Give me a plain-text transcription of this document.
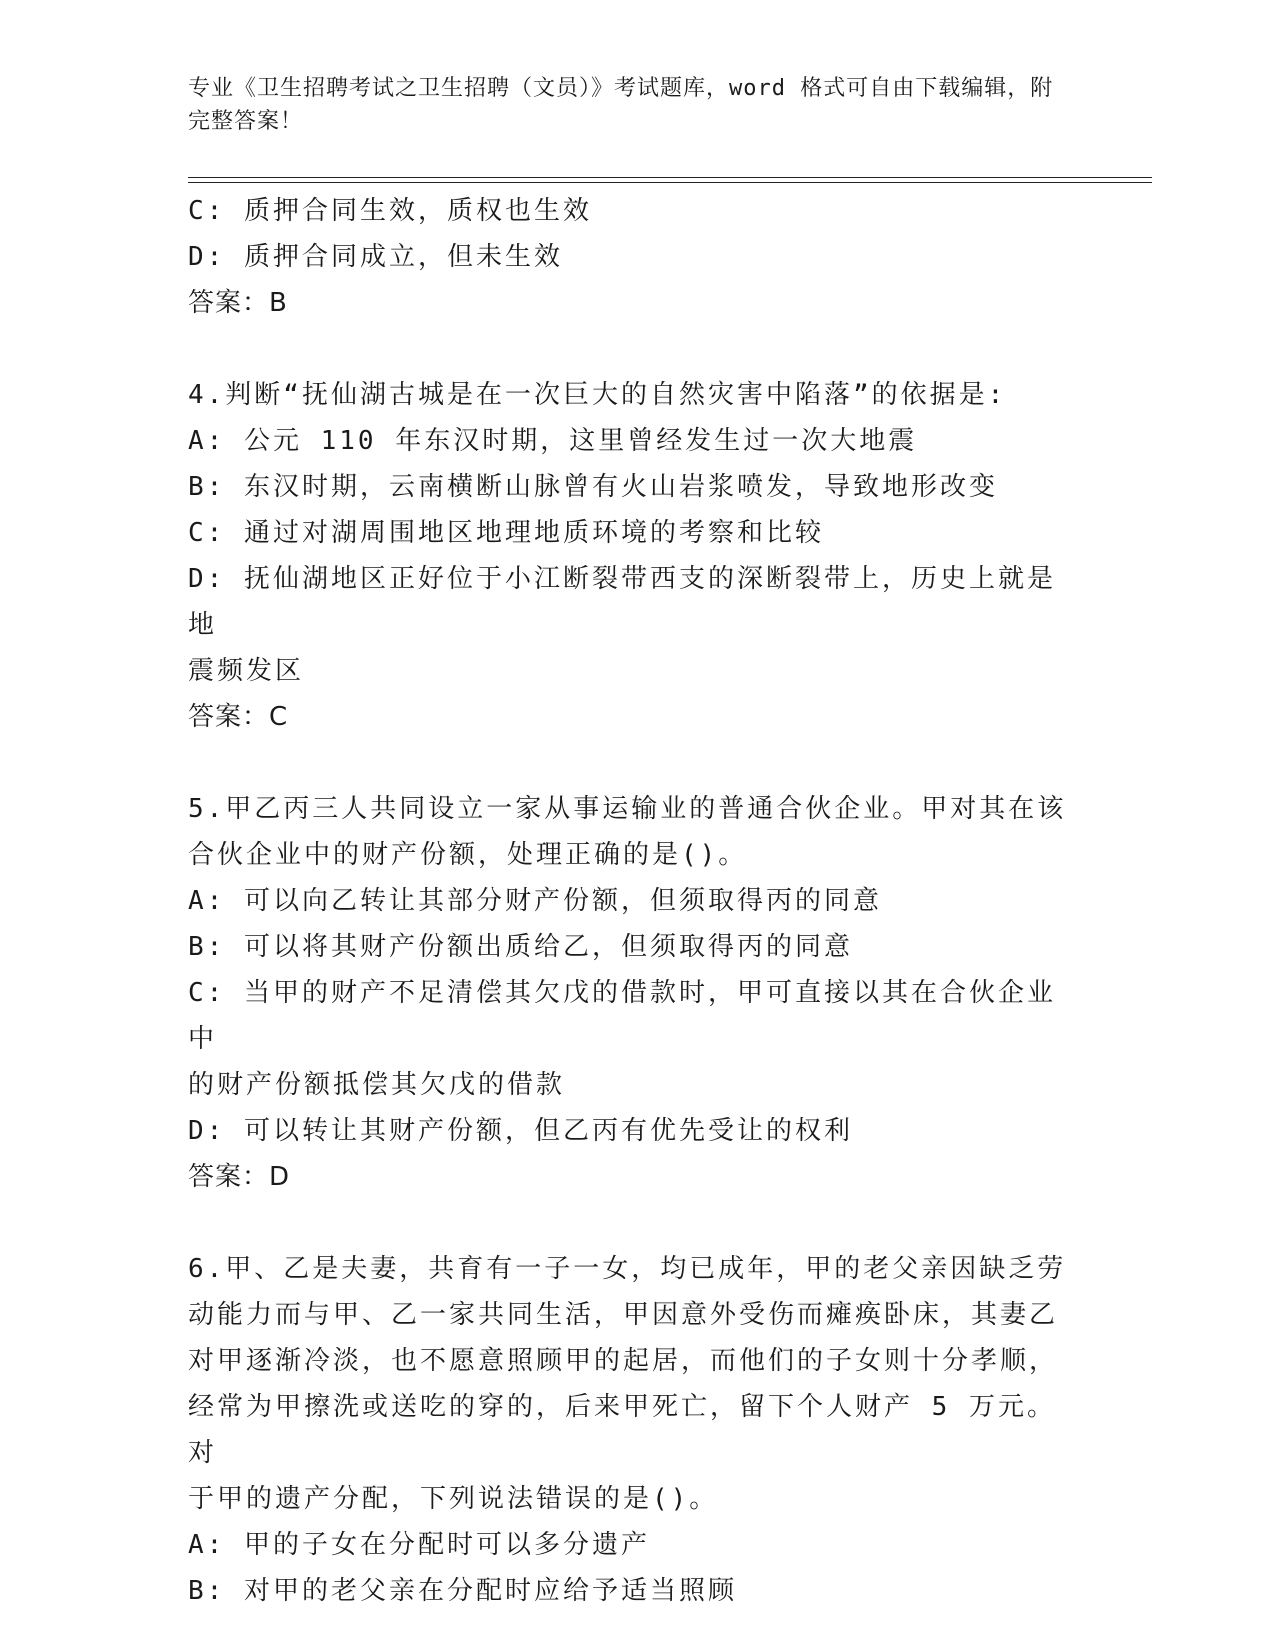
专业《卫生招聘考试之卫生招聘（文员）》考试题库，word 格式可自由下载编辑，附完整答案！
C: 质押合同生效，质权也生效
D: 质押合同成立，但未生效
答案：B
4.判断“抚仙湖古城是在一次巨大的自然灾害中陷落”的依据是:
A: 公元 110 年东汉时期，这里曾经发生过一次大地震
B: 东汉时期，云南横断山脉曾有火山岩浆喷发，导致地形改变
C: 通过对湖周围地区地理地质环境的考察和比较
D: 抚仙湖地区正好位于小江断裂带西支的深断裂带上，历史上就是地
震频发区
答案：C
5.甲乙丙三人共同设立一家从事运输业的普通合伙企业。甲对其在该
合伙企业中的财产份额，处理正确的是()。
A: 可以向乙转让其部分财产份额，但须取得丙的同意
B: 可以将其财产份额出质给乙，但须取得丙的同意
C: 当甲的财产不足清偿其欠戊的借款时，甲可直接以其在合伙企业中
的财产份额抵偿其欠戊的借款
D: 可以转让其财产份额，但乙丙有优先受让的权利
答案：D
6.甲、乙是夫妻，共育有一子一女，均已成年，甲的老父亲因缺乏劳
动能力而与甲、乙一家共同生活，甲因意外受伤而瘫痪卧床，其妻乙
对甲逐渐冷淡，也不愿意照顾甲的起居，而他们的子女则十分孝顺，
经常为甲擦洗或送吃的穿的，后来甲死亡，留下个人财产 5 万元。对
于甲的遗产分配，下列说法错误的是()。
A: 甲的子女在分配时可以多分遗产
B: 对甲的老父亲在分配时应给予适当照顾
